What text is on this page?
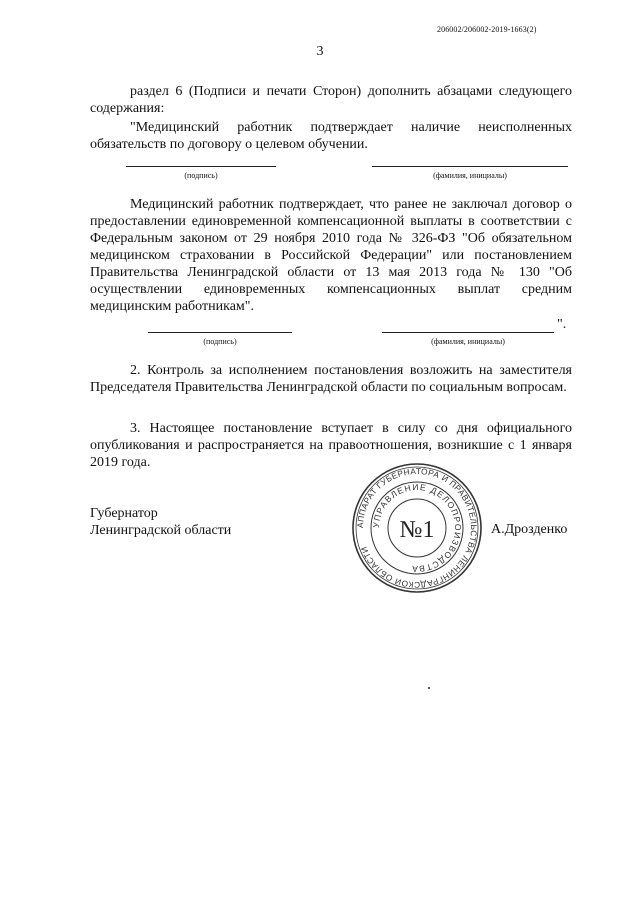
206002/206002-2019-1663(2)
3

раздел 6 (Подписи и печати Сторон) дополнить абзацами следующего содержания:

"Медицинский работник подтверждает наличие неисполненных обязательств по договору о целевом обучении.

(подпись)	(фамилия, инициалы)

Медицинский работник подтверждает, что ранее не заключал договор о предоставлении единовременной компенсационной выплаты в соответствии с Федеральным законом от 29 ноября 2010 года № 326-ФЗ "Об обязательном медицинском страховании в Российской Федерации" или постановлением Правительства Ленинградской области от 13 мая 2013 года № 130 "Об осуществлении единовременных компенсационных выплат средним медицинским работникам".

".
(подпись)	(фамилия, инициалы)

2. Контроль за исполнением постановления возложить на заместителя Председателя Правительства Ленинградской области по социальным вопросам.

3. Настоящее постановление вступает в силу со дня официального опубликования и распространяется на правоотношения, возникшие с 1 января 2019 года.

Губернатор
Ленинградской области	А.Дрозденко
АППАРАТ ГУБЕРНАТОРА И ПРАВИТЕЛЬСТВА ЛЕНИНГРАДСКОЙ ОБЛАСТИ
УПРАВЛЕНИЕ ДЕЛОПРОИЗВОДСТВА
№1
